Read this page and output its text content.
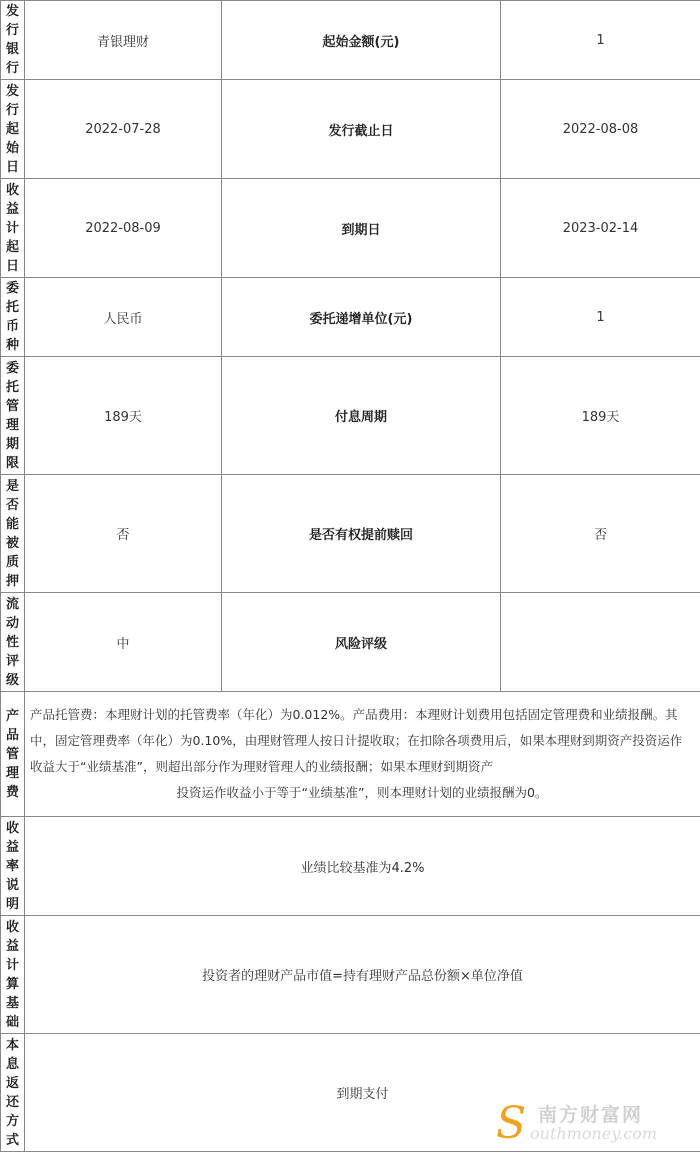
发行银行	青银理财	起始金额(元)	1
发行起始日	2022-07-28	发行截止日	2022-08-08
收益计起日	2022-08-09	到期日	2023-02-14
委托币种	人民币	委托递增单位(元)	1
委托管理期限	189天	付息周期	189天
是否能被质押	否	是否有权提前赎回	否
流动性评级	中	风险评级	
产品管理费	产品托管费：本理财计划的托管费率（年化）为0.012%。产品费用：本理财计划费用包括固定管理费和业绩报酬。其中，固定管理费率（年化）为0.10%，由理财管理人按日计提收取；在扣除各项费用后，如果本理财到期资产投资运作收益大于“业绩基准”，则超出部分作为理财管理人的业绩报酬；如果本理财到期资产
投资运作收益小于等于“业绩基准”，则本理财计划的业绩报酬为0。		

收益率说明	业绩比较基准为4.2%		
收益计算基础	投资者的理财产品市值=持有理财产品总份额×单位净值		
本息返还方式	到期支付		
S 南方财富网
outhmoney.com
